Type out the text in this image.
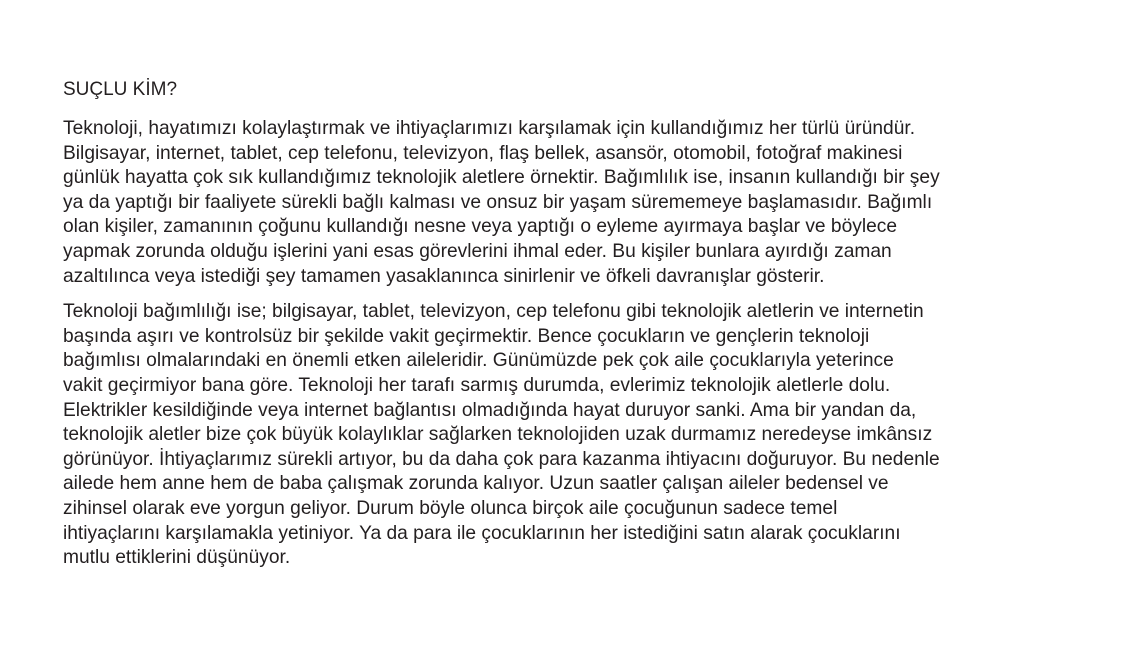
SUÇLU KİM?
Teknoloji, hayatımızı kolaylaştırmak ve ihtiyaçlarımızı karşılamak için kullandığımız her türlü üründür.
Bilgisayar, internet, tablet, cep telefonu, televizyon, flaş bellek, asansör, otomobil, fotoğraf makinesi
günlük hayatta çok sık kullandığımız teknolojik aletlere örnektir. Bağımlılık ise, insanın kullandığı bir şey
ya da yaptığı bir faaliyete sürekli bağlı kalması ve onsuz bir yaşam sürememeye başlamasıdır. Bağımlı
olan kişiler, zamanının çoğunu kullandığı nesne veya yaptığı o eyleme ayırmaya başlar ve böylece
yapmak zorunda olduğu işlerini yani esas görevlerini ihmal eder. Bu kişiler bunlara ayırdığı zaman
azaltılınca veya istediği şey tamamen yasaklanınca sinirlenir ve öfkeli davranışlar gösterir.
Teknoloji bağımlılığı ise; bilgisayar, tablet, televizyon, cep telefonu gibi teknolojik aletlerin ve internetin
başında aşırı ve kontrolsüz bir şekilde vakit geçirmektir. Bence çocukların ve gençlerin teknoloji
bağımlısı olmalarındaki en önemli etken aileleridir. Günümüzde pek çok aile çocuklarıyla yeterince
vakit geçirmiyor bana göre. Teknoloji her tarafı sarmış durumda, evlerimiz teknolojik aletlerle dolu.
Elektrikler kesildiğinde veya internet bağlantısı olmadığında hayat duruyor sanki. Ama bir yandan da,
teknolojik aletler bize çok büyük kolaylıklar sağlarken teknolojiden uzak durmamız neredeyse imkânsız
görünüyor. İhtiyaçlarımız sürekli artıyor, bu da daha çok para kazanma ihtiyacını doğuruyor. Bu nedenle
ailede hem anne hem de baba çalışmak zorunda kalıyor. Uzun saatler çalışan aileler bedensel ve
zihinsel olarak eve yorgun geliyor. Durum böyle olunca birçok aile çocuğunun sadece temel
ihtiyaçlarını karşılamakla yetiniyor. Ya da para ile çocuklarının her istediğini satın alarak çocuklarını
mutlu ettiklerini düşünüyor.
